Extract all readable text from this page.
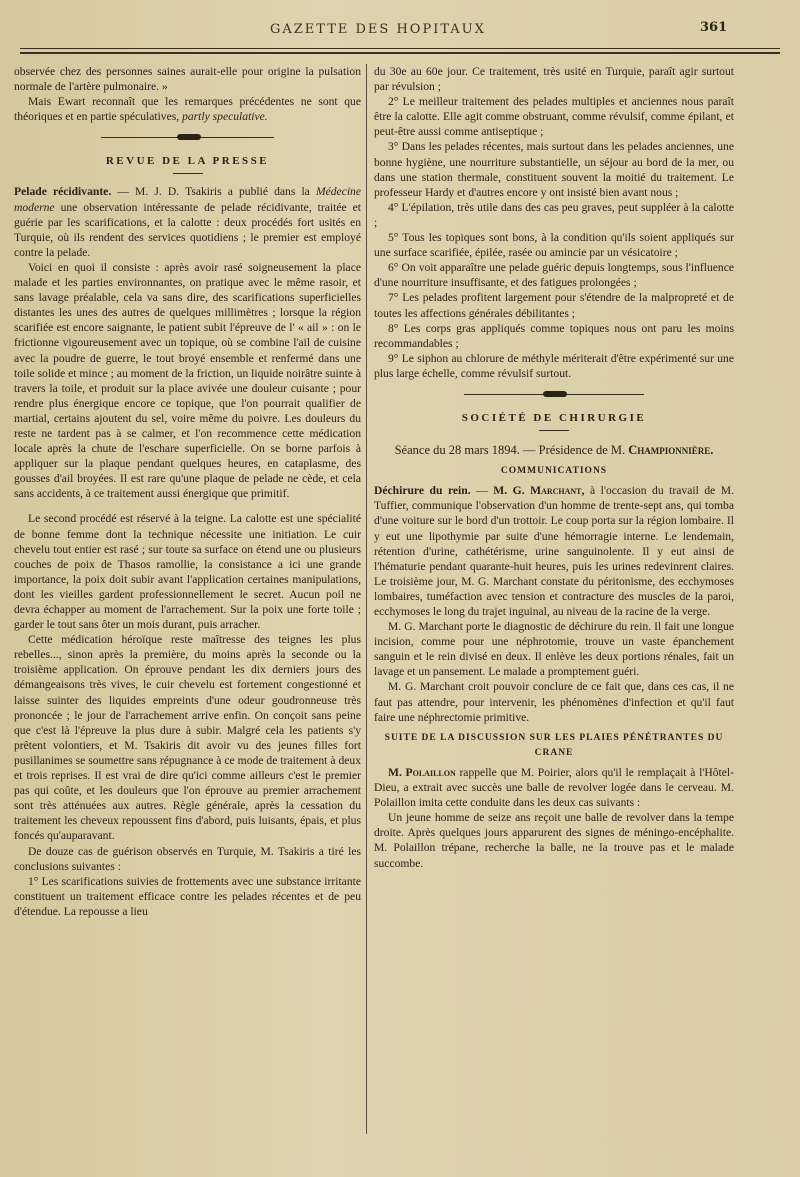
GAZETTE DES HOPITAUX	361

observée chez des personnes saines aurait-elle pour origine la pulsation normale de l'artère pulmonaire. »

Mais Ewart reconnaît que les remarques précédentes ne sont que théoriques et en partie spéculatives, partly speculative.

REVUE DE LA PRESSE

Pelade récidivante. — M. J. D. Tsakiris a publié dans la Médecine moderne une observation intéressante de pelade récidivante, traitée et guérie par les scarifications, et la calotte : deux procédés fort usités en Turquie, où ils rendent des services quotidiens ; le premier est employé contre la pelade.

Voici en quoi il consiste : après avoir rasé soigneusement la place malade et les parties environnantes, on pratique avec le même rasoir, et sans lavage préalable, cela va sans dire, des scarifications superficielles distantes les unes des autres de quelques millimètres ; lorsque la région scarifiée est encore saignante, le patient subit l'épreuve de l' « ail » : on le frictionne vigoureusement avec un topique, où se combine l'ail de cuisine avec la poudre de guerre, le tout broyé ensemble et renfermé dans une toile solide et mince ; au moment de la friction, un liquide noirâtre suinte à travers la toile, et produit sur la place avivée une douleur cuisante ; pour rendre plus énergique encore ce topique, que l'on pourrait qualifier de martial, certains ajoutent du sel, voire même du poivre. Les douleurs du reste ne tardent pas à se calmer, et l'on recommence cette médication locale après la chute de l'eschare superficielle. On se borne parfois à appliquer sur la plaque pendant quelques heures, en cataplasme, des gousses d'ail broyées. Il est rare qu'une plaque de pelade ne cède, et cela sans accidents, à ce traitement aussi énergique que primitif.

Le second procédé est réservé à la teigne. La calotte est une spécialité de bonne femme dont la technique nécessite une initiation. Le cuir chevelu tout entier est rasé ; sur toute sa surface on étend une ou plusieurs couches de poix de Thasos ramollie, la consistance a ici une grande importance, la poix doit subir avant l'application certaines manipulations, dont les vieilles gardent professionnellement le secret. Aucun poil ne devra échapper au moment de l'arrachement. Sur la poix une forte toile ; garder le tout sans ôter un mois durant, puis arracher.

Cette médication héroïque reste maîtresse des teignes les plus rebelles..., sinon après la première, du moins après la seconde ou la troisième application. On éprouve pendant les dix derniers jours des démangeaisons très vives, le cuir chevelu est fortement congestionné et laisse suinter des liquides empreints d'une odeur goudronneuse très prononcée ; le jour de l'arrachement arrive enfin. On conçoit sans peine que c'est là l'épreuve la plus dure à subir. Malgré cela les patients s'y prêtent volontiers, et M. Tsakiris dit avoir vu des jeunes filles fort pusillanimes se soumettre sans répugnance à ce mode de traitement à deux et trois reprises. Il est vrai de dire qu'ici comme ailleurs c'est le premier pas qui coûte, et les douleurs que l'on éprouve au premier arrachement sont très atténuées aux autres. Règle générale, après la cessation du traitement les cheveux repoussent fins d'abord, puis luisants, épais, et plus foncés qu'auparavant.

De douze cas de guérison observés en Turquie, M. Tsakiris a tiré les conclusions suivantes :

1° Les scarifications suivies de frottements avec une substance irritante constituent un traitement efficace contre les pelades récentes et de peu d'étendue. La repousse a lieu

du 30e au 60e jour. Ce traitement, très usité en Turquie, paraît agir surtout par révulsion ;

2° Le meilleur traitement des pelades multiples et anciennes nous paraît être la calotte. Elle agit comme obstruant, comme révulsif, comme épilant, et peut-être aussi comme antiseptique ;

3° Dans les pelades récentes, mais surtout dans les pelades anciennes, une bonne hygiène, une nourriture substantielle, un séjour au bord de la mer, ou dans une station thermale, constituent souvent la moitié du traitement. Le professeur Hardy et d'autres encore y ont insisté bien avant nous ;

4° L'épilation, très utile dans des cas peu graves, peut suppléer à la calotte ;

5° Tous les topiques sont bons, à la condition qu'ils soient appliqués sur une surface scarifiée, épilée, rasée ou amincie par un vésicatoire ;

6° On voit apparaître une pelade guéric depuis longtemps, sous l'influence d'une nourriture insuffisante, et des fatigues prolongées ;

7° Les pelades profitent largement pour s'étendre de la malpropreté et de toutes les affections générales débilitantes ;

8° Les corps gras appliqués comme topiques nous ont paru les moins recommandables ;

9° Le siphon au chlorure de méthyle mériterait d'être expérimenté sur une plus large échelle, comme révulsif surtout.

SOCIÉTÉ DE CHIRURGIE

Séance du 28 mars 1894. — Présidence de M. Championnière.

COMMUNICATIONS

Déchirure du rein. — M. G. Marchant, à l'occasion du travail de M. Tuffier, communique l'observation d'un homme de trente-sept ans, qui tomba d'une voiture sur le bord d'un trottoir. Le coup porta sur la région lombaire. Il y eut une lipothymie par suite d'une hémorragie interne. Le lendemain, rétention d'urine, cathétérisme, urine sanguinolente. Il y eut ainsi de l'hématurie pendant quarante-huit heures, puis les urines redevinrent claires. Le troisième jour, M. G. Marchant constate du péritonisme, des ecchymoses lombaires, tuméfaction avec tension et contracture des muscles de la paroi, ecchymoses le long du trajet inguinal, au niveau de la racine de la verge.

M. G. Marchant porte le diagnostic de déchirure du rein. Il fait une longue incision, comme pour une néphrotomie, trouve un vaste épanchement sanguin et le rein divisé en deux. Il enlève les deux portions rénales, fait un lavage et un pansement. Le malade a promptement guéri.

M. G. Marchant croit pouvoir conclure de ce fait que, dans ces cas, il ne faut pas attendre, pour intervenir, les phénomènes d'infection et qu'il faut faire une néphrectomie primitive.

SUITE DE LA DISCUSSION SUR LES PLAIES PÉNÉTRANTES DU CRANE

M. Polaillon rappelle que M. Poirier, alors qu'il le remplaçait à l'Hôtel-Dieu, a extrait avec succès une balle de revolver logée dans le cerveau. M. Polaillon imita cette conduite dans les deux cas suivants :

Un jeune homme de seize ans reçoit une balle de revolver dans la tempe droite. Après quelques jours apparurent des signes de méningo-encéphalite. M. Polaillon trépane, recherche la balle, ne la trouve pas et le malade succombe.
